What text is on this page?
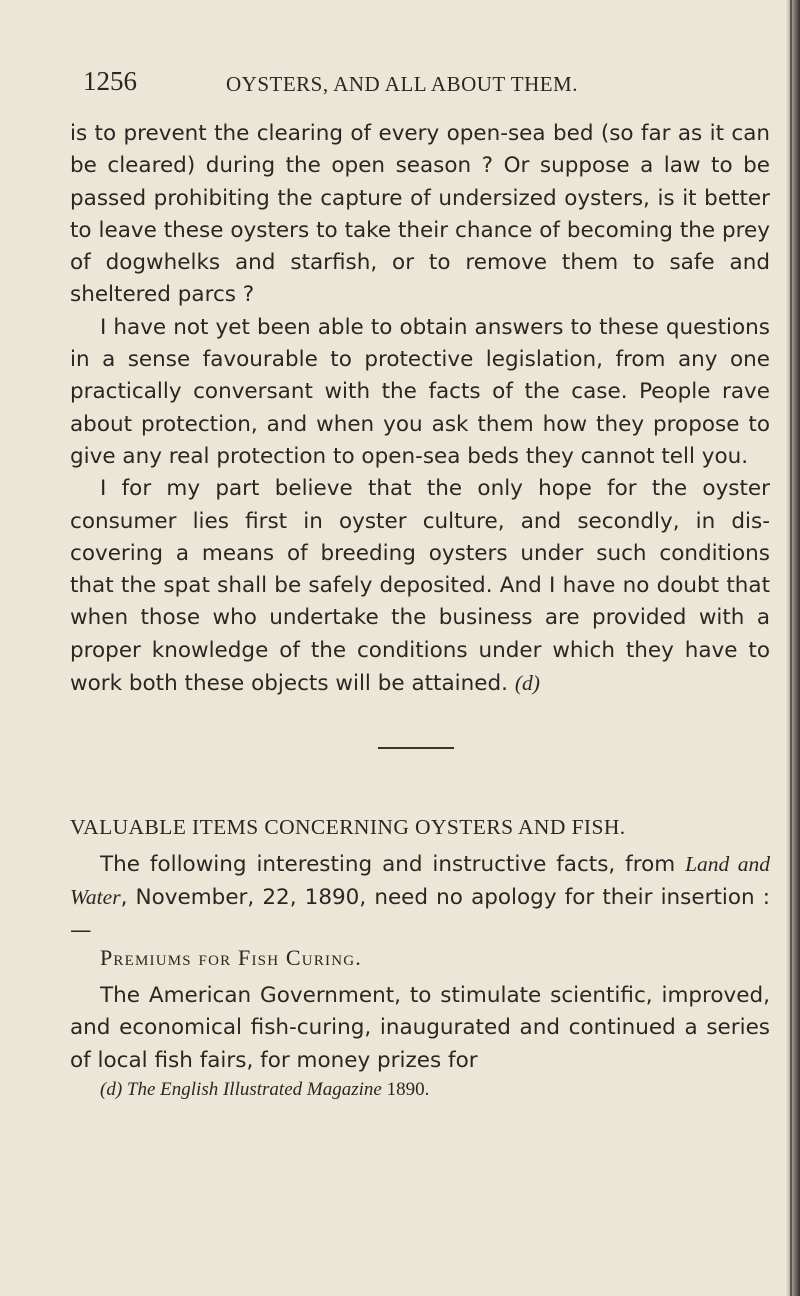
1256	OYSTERS, AND ALL ABOUT THEM.

is to prevent the clearing of every open-sea bed (so far as it can be cleared) during the open season ? Or suppose a law to be passed prohibiting the capture of undersized oysters, is it better to leave these oysters to take their chance of becoming the prey of dogwhelks and starfish, or to remove them to safe and sheltered parcs ?

I have not yet been able to obtain answers to these questions in a sense favourable to protective legislation, from any one practically conversant with the facts of the case. People rave about protection, and when you ask them how they propose to give any real protection to open-sea beds they cannot tell you.

I for my part believe that the only hope for the oyster consumer lies first in oyster culture, and secondly, in dis- covering a means of breeding oysters under such conditions that the spat shall be safely deposited. And I have no doubt that when those who undertake the business are provided with a proper knowledge of the conditions under which they have to work both these objects will be attained. (d)

VALUABLE ITEMS CONCERNING OYSTERS AND FISH.

The following interesting and instructive facts, from Land and Water, November, 22, 1890, need no apology for their insertion :—

Premiums for Fish Curing.

The American Government, to stimulate scientific, improved, and economical fish-curing, inaugurated and continued a series of local fish fairs, for money prizes for

(d) The English Illustrated Magazine 1890.
